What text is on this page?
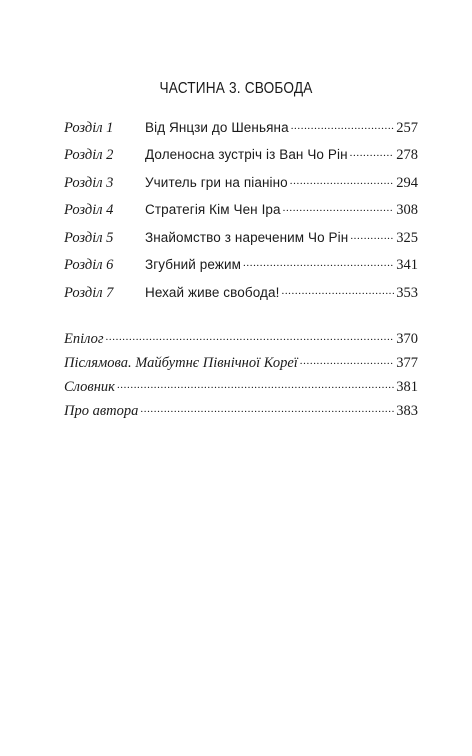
ЧАСТИНА 3. СВОБОДА
Розділ 1	Від Янцзи до Шеньяна .....	257
Розділ 2	Доленосна зустріч із Ван Чо Рін .....	278
Розділ 3	Учитель гри на піаніно .....	294
Розділ 4	Стратегія Кім Чен Іра .....	308
Розділ 5	Знайомство з нареченим Чо Рін .....	325
Розділ 6	Згубний режим .....	341
Розділ 7	Нехай живе свобода! .....	353
Епілог .....	370
Післямова. Майбутнє Північної Кореї .....	377
Словник .....	381
Про автора .....	383
